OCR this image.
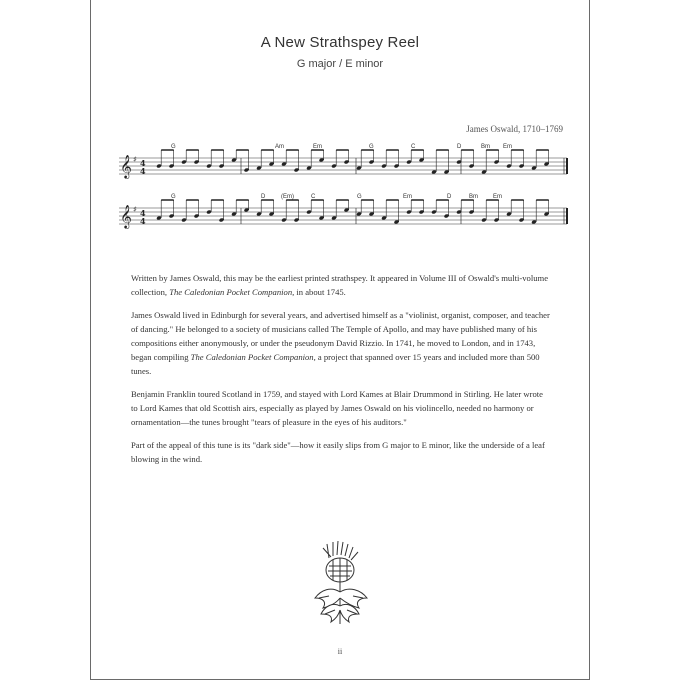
A New Strathspey Reel
G major / E minor
James Oswald, 1710–1769
𝄞 ♯ 4
4
G	Am	Em	G	C	D	Bm Em
𝄞 ♯ 4
4
G	D	(Em)	C	G	Em	D	Bm	Em

Written by James Oswald, this may be the earliest printed strathspey. It appeared in Volume III of Oswald's multi-volume collection, The Caledonian Pocket Companion, in about 1745.

James Oswald lived in Edinburgh for several years, and advertised himself as a "violinist, organist, composer, and teacher of dancing." He belonged to a society of musicians called The Temple of Apollo, and may have published many of his compositions either anonymously, or under the pseudonym David Rizzio. In 1741, he moved to London, and in 1743, began compiling The Caledonian Pocket Companion, a project that spanned over 15 years and included more than 500 tunes.

Benjamin Franklin toured Scotland in 1759, and stayed with Lord Kames at Blair Drummond in Stirling. He later wrote to Lord Kames that old Scottish airs, especially as played by James Oswald on his violincello, needed no harmony or ornamentation—the tunes brought "tears of pleasure in the eyes of his auditors."

Part of the appeal of this tune is its "dark side"—how it easily slips from G major to E minor, like the underside of a leaf blowing in the wind.

ii
